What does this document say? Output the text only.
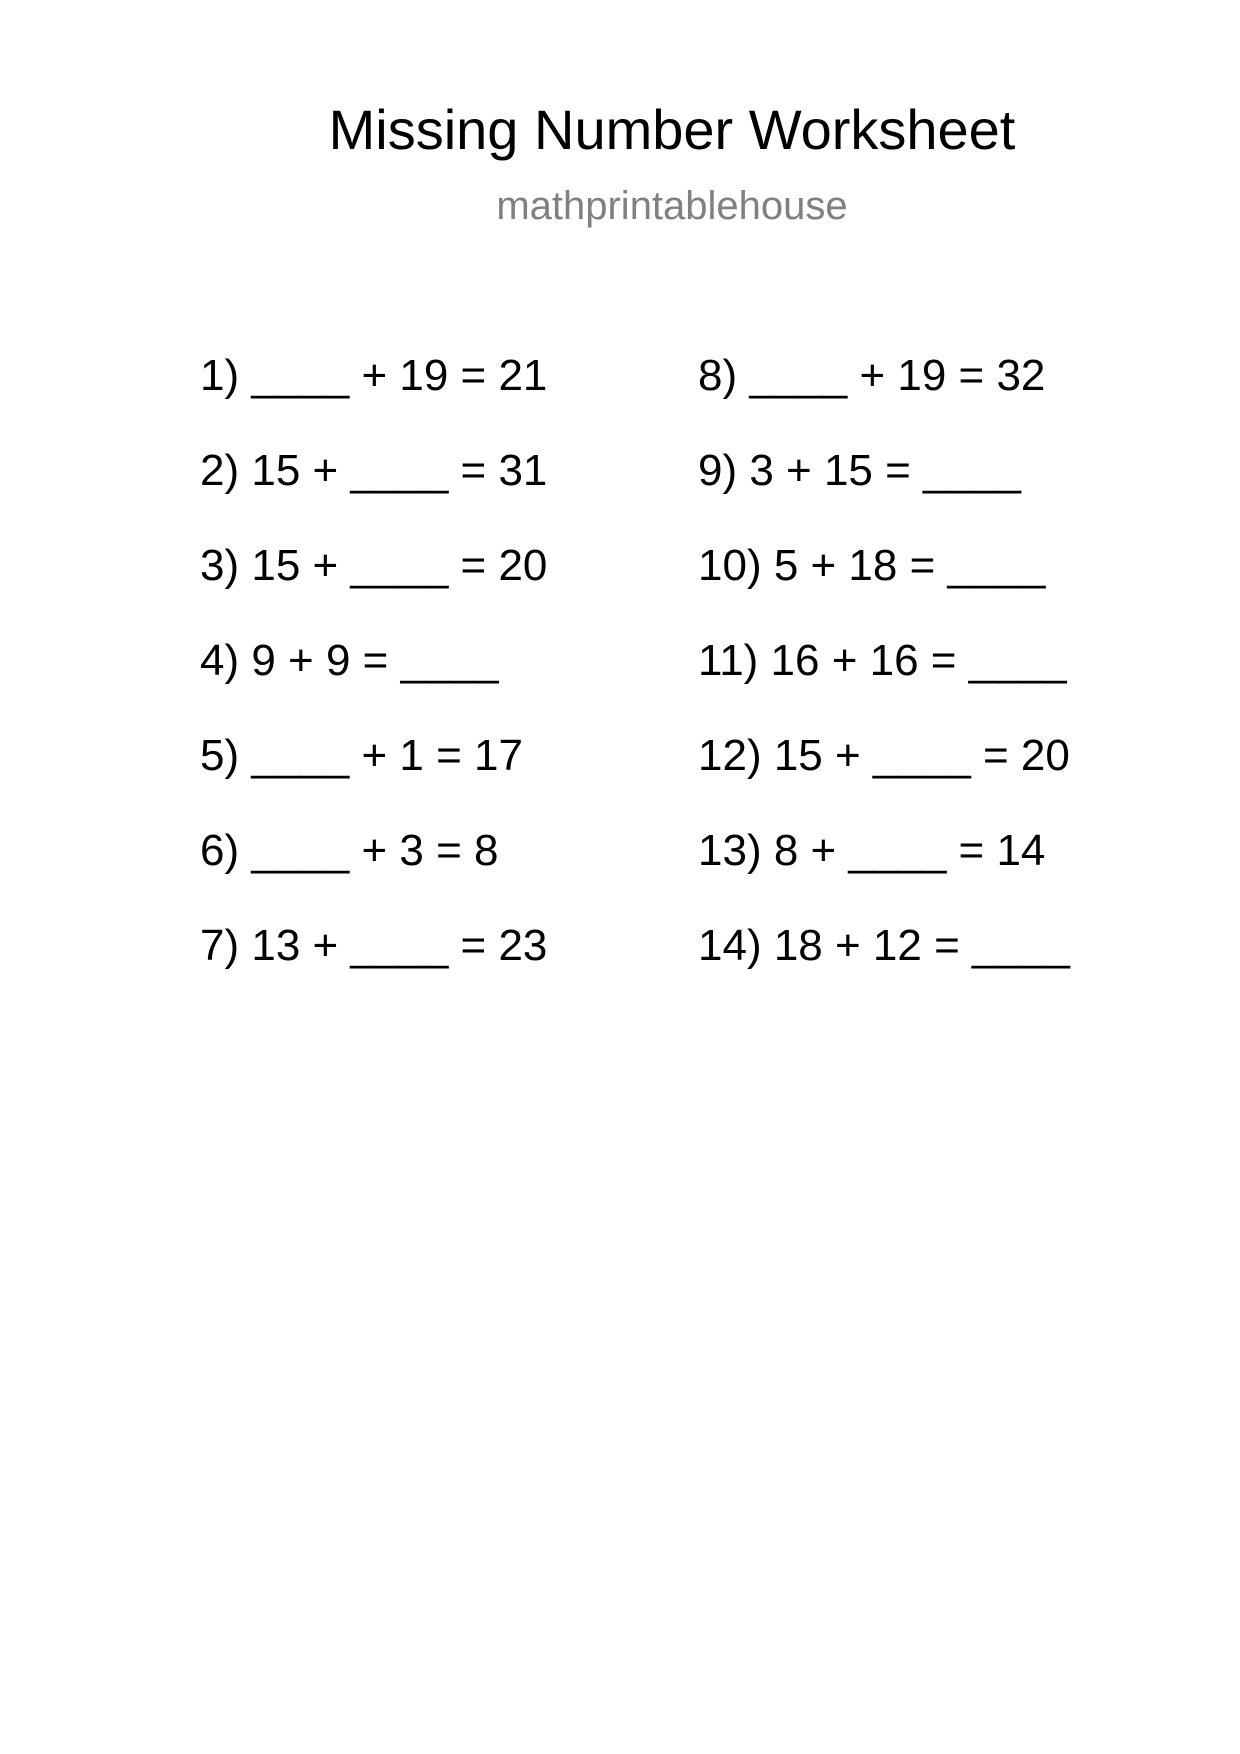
Missing Number Worksheet
mathprintablehouse
1) ____ + 19 = 21
2) 15 + ____ = 31
3) 15 + ____ = 20
4) 9 + 9 = ____
5) ____ + 1 = 17
6) ____ + 3 = 8
7) 13 + ____ = 23
8) ____ + 19 = 32
9) 3 + 15 = ____
10) 5 + 18 = ____
11) 16 + 16 = ____
12) 15 + ____ = 20
13) 8 + ____ = 14
14) 18 + 12 = ____
